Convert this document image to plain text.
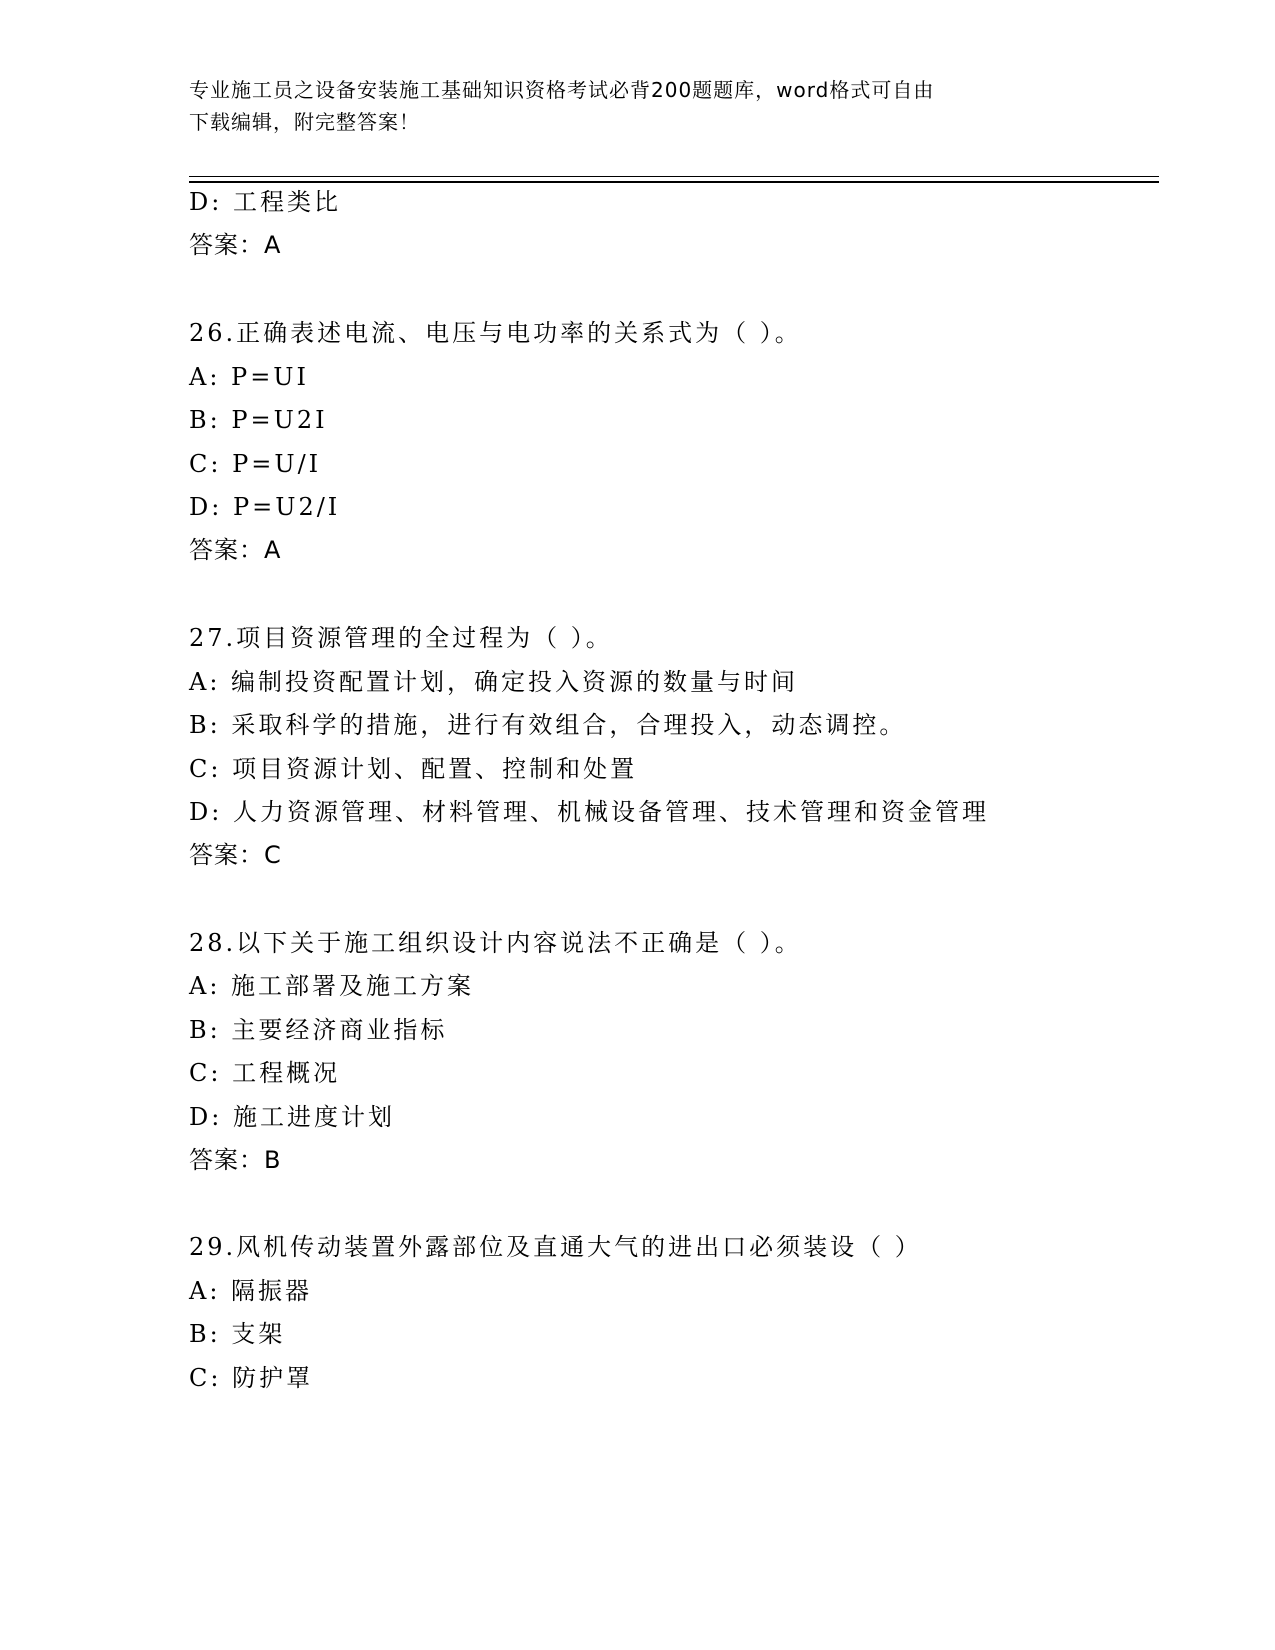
专业施工员之设备安装施工基础知识资格考试必背200题题库，word格式可自由
下载编辑，附完整答案！
D: 工程类比
答案：A
26.正确表述电流、电压与电功率的关系式为（ ）。
A: P=UI
B: P=U2I
C: P=U/I
D: P=U2/I
答案：A
27.项目资源管理的全过程为（ ）。
A: 编制投资配置计划，确定投入资源的数量与时间
B: 采取科学的措施，进行有效组合，合理投入，动态调控。
C: 项目资源计划、配置、控制和处置
D: 人力资源管理、材料管理、机械设备管理、技术管理和资金管理
答案：C
28.以下关于施工组织设计内容说法不正确是（ ）。
A: 施工部署及施工方案
B: 主要经济商业指标
C: 工程概况
D: 施工进度计划
答案：B
29.风机传动装置外露部位及直通大气的进出口必须装设（ ）
A: 隔振器
B: 支架
C: 防护罩
